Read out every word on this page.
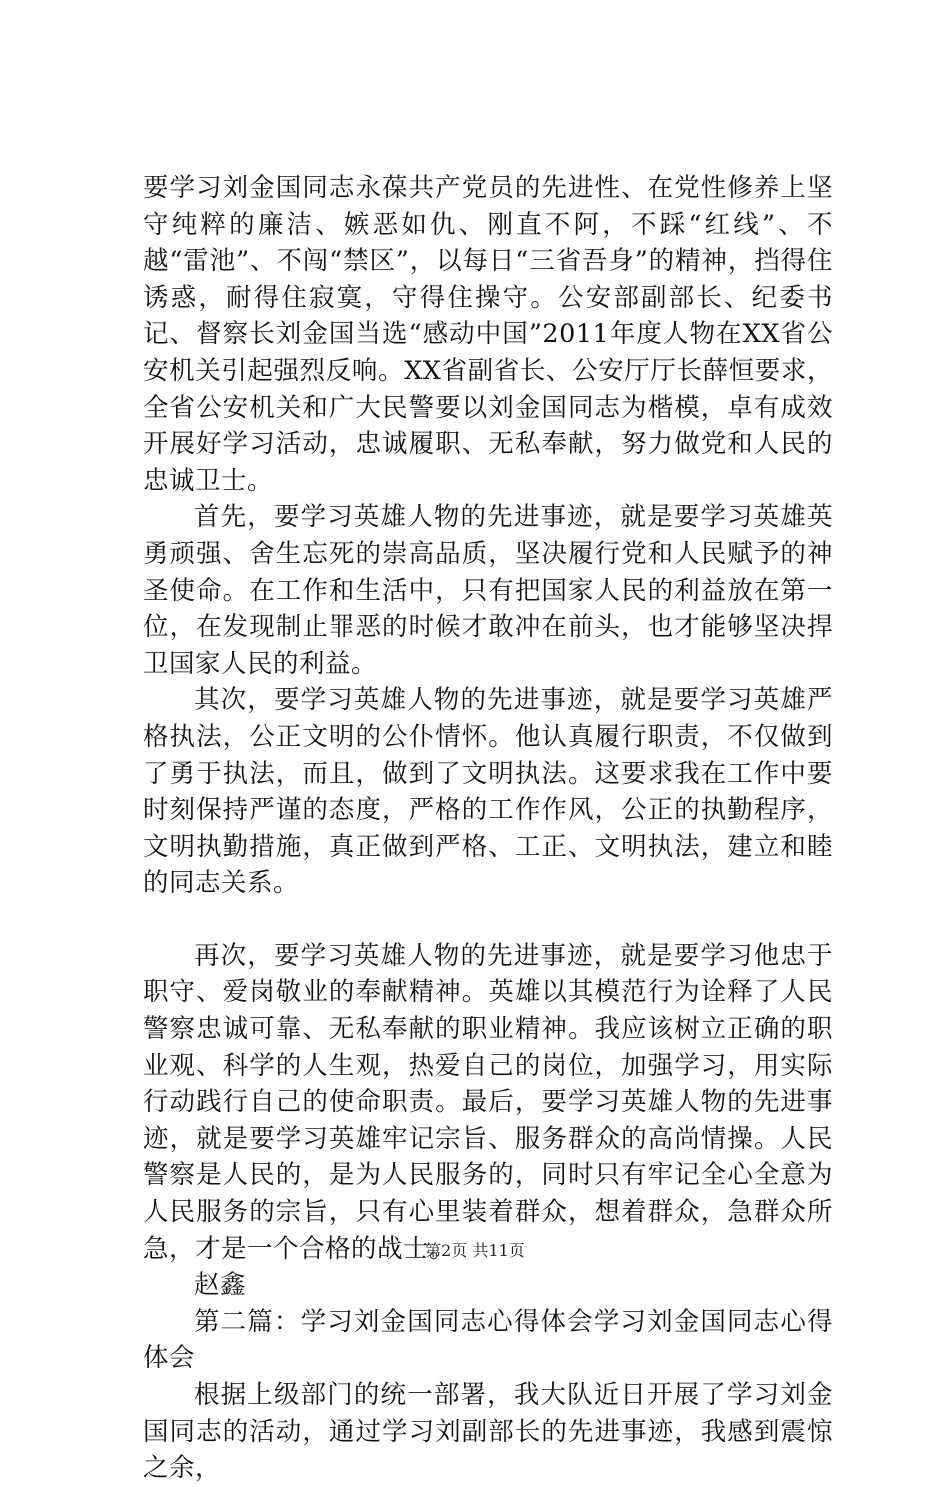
要学习刘金国同志永葆共产党员的先进性、在党性修养上坚守纯粹的廉洁、嫉恶如仇、刚直不阿，不踩“红线”、不越“雷池”、不闯“禁区”，以每日“三省吾身”的精神，挡得住诱惑，耐得住寂寞，守得住操守。公安部副部长、纪委书记、督察长刘金国当选“感动中国”2011年度人物在XX省公安机关引起强烈反响。XX省副省长、公安厅厅长薛恒要求，全省公安机关和广大民警要以刘金国同志为楷模，卓有成效开展好学习活动，忠诚履职、无私奉献，努力做党和人民的忠诚卫士。

首先，要学习英雄人物的先进事迹，就是要学习英雄英勇顽强、舍生忘死的崇高品质，坚决履行党和人民赋予的神圣使命。在工作和生活中，只有把国家人民的利益放在第一位，在发现制止罪恶的时候才敢冲在前头，也才能够坚决捍卫国家人民的利益。

其次，要学习英雄人物的先进事迹，就是要学习英雄严格执法，公正文明的公仆情怀。他认真履行职责，不仅做到了勇于执法，而且，做到了文明执法。这要求我在工作中要时刻保持严谨的态度，严格的工作作风，公正的执勤程序，文明执勤措施，真正做到严格、工正、文明执法，建立和睦的同志关系。

再次，要学习英雄人物的先进事迹，就是要学习他忠于职守、爱岗敬业的奉献精神。英雄以其模范行为诠释了人民警察忠诚可靠、无私奉献的职业精神。我应该树立正确的职业观、科学的人生观，热爱自己的岗位，加强学习，用实际行动践行自己的使命职责。最后，要学习英雄人物的先进事迹，就是要学习英雄牢记宗旨、服务群众的高尚情操。人民警察是人民的，是为人民服务的，同时只有牢记全心全意为人民服务的宗旨，只有心里装着群众，想着群众，急群众所急，才是一个合格的战士。

赵鑫

第二篇：学习刘金国同志心得体会学习刘金国同志心得体会

根据上级部门的统一部署，我大队近日开展了学习刘金国同志的活动，通过学习刘副部长的先进事迹，我感到震惊之余，

第2页 共11页
